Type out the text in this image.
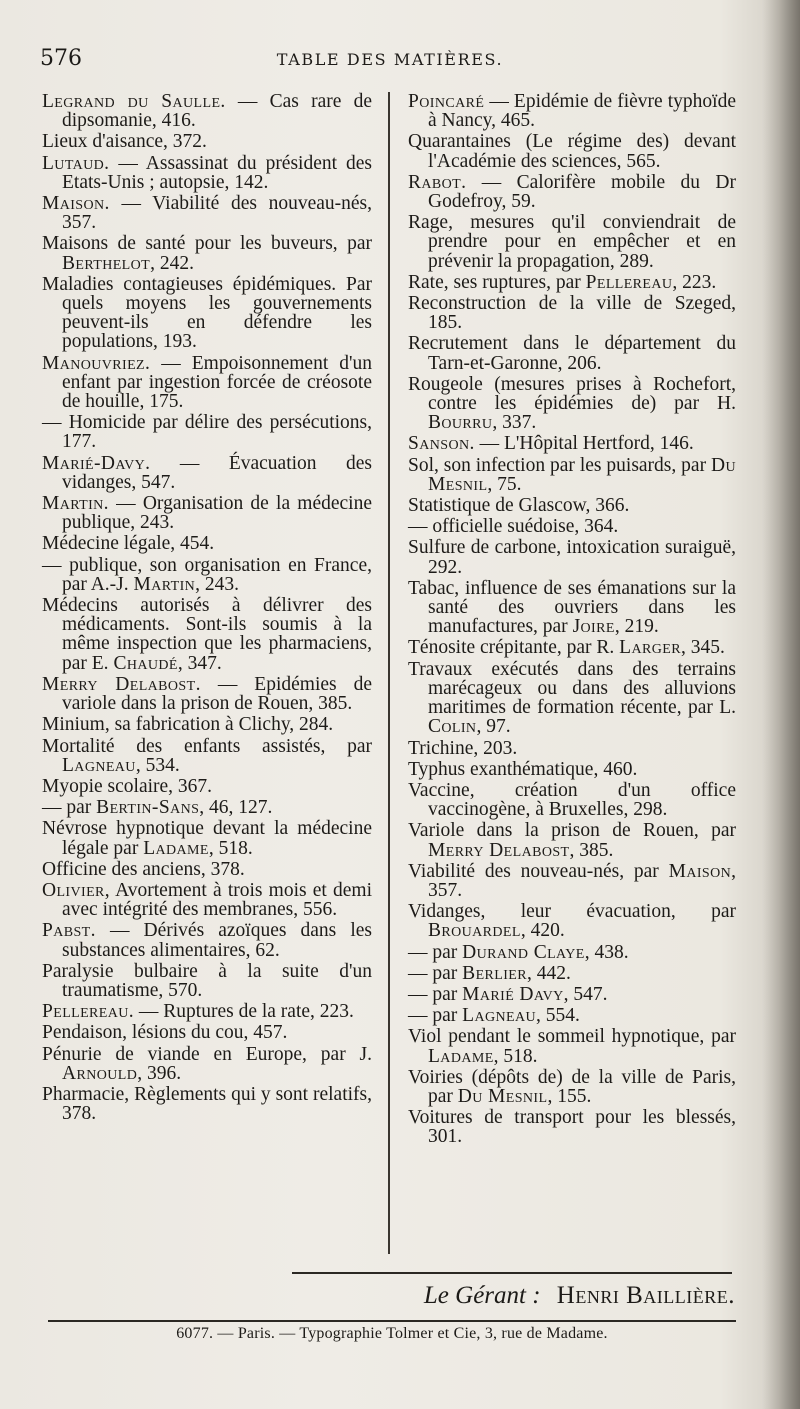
576	TABLE DES MATIÈRES.

Legrand du Saulle. — Cas rare de dipsomanie, 416.

Lieux d'aisance, 372.

Lutaud. — Assassinat du président des Etats-Unis ; autopsie, 142.

Maison. — Viabilité des nouveau-nés, 357.

Maisons de santé pour les buveurs, par Berthelot, 242.

Maladies contagieuses épidémiques. Par quels moyens les gouvernements peuvent-ils en défendre les populations, 193.

Manouvriez. — Empoisonnement d'un enfant par ingestion forcée de créosote de houille, 175.

— Homicide par délire des persécutions, 177.

Marié-Davy. — Évacuation des vidanges, 547.

Martin. — Organisation de la médecine publique, 243.

Médecine légale, 454.

— publique, son organisation en France, par A.-J. Martin, 243.

Médecins autorisés à délivrer des médicaments. Sont-ils soumis à la même inspection que les pharmaciens, par E. Chaudé, 347.

Merry Delabost. — Epidémies de variole dans la prison de Rouen, 385.

Minium, sa fabrication à Clichy, 284.

Mortalité des enfants assistés, par Lagneau, 534.

Myopie scolaire, 367.

— par Bertin-Sans, 46, 127.

Névrose hypnotique devant la médecine légale par Ladame, 518.

Officine des anciens, 378.

Olivier, Avortement à trois mois et demi avec intégrité des membranes, 556.

Pabst. — Dérivés azoïques dans les substances alimentaires, 62.

Paralysie bulbaire à la suite d'un traumatisme, 570.

Pellereau. — Ruptures de la rate, 223.

Pendaison, lésions du cou, 457.

Pénurie de viande en Europe, par J. Arnould, 396.

Pharmacie, Règlements qui y sont relatifs, 378.

Poincaré — Epidémie de fièvre typhoïde à Nancy, 465.

Quarantaines (Le régime des) devant l'Académie des sciences, 565.

Rabot. — Calorifère mobile du Dr Godefroy, 59.

Rage, mesures qu'il conviendrait de prendre pour en empêcher et en prévenir la propagation, 289.

Rate, ses ruptures, par Pellereau, 223.

Reconstruction de la ville de Szeged, 185.

Recrutement dans le département du Tarn-et-Garonne, 206.

Rougeole (mesures prises à Rochefort, contre les épidémies de) par H. Bourru, 337.

Sanson. — L'Hôpital Hertford, 146.

Sol, son infection par les puisards, par Du Mesnil, 75.

Statistique de Glascow, 366.

— officielle suédoise, 364.

Sulfure de carbone, intoxication suraiguë, 292.

Tabac, influence de ses émanations sur la santé des ouvriers dans les manufactures, par Joire, 219.

Ténosite crépitante, par R. Larger, 345.

Travaux exécutés dans des terrains marécageux ou dans des alluvions maritimes de formation récente, par L. Colin, 97.

Trichine, 203.

Typhus exanthématique, 460.

Vaccine, création d'un office vaccinogène, à Bruxelles, 298.

Variole dans la prison de Rouen, par Merry Delabost, 385.

Viabilité des nouveau-nés, par Maison, 357.

Vidanges, leur évacuation, par Brouardel, 420.

— par Durand Claye, 438.

— par Berlier, 442.

— par Marié Davy, 547.

— par Lagneau, 554.

Viol pendant le sommeil hypnotique, par Ladame, 518.

Voiries (dépôts de) de la ville de Paris, par Du Mesnil, 155.

Voitures de transport pour les blessés, 301.

Le Gérant : Henri Baillière.
6077. — Paris. — Typographie Tolmer et Cie, 3, rue de Madame.
